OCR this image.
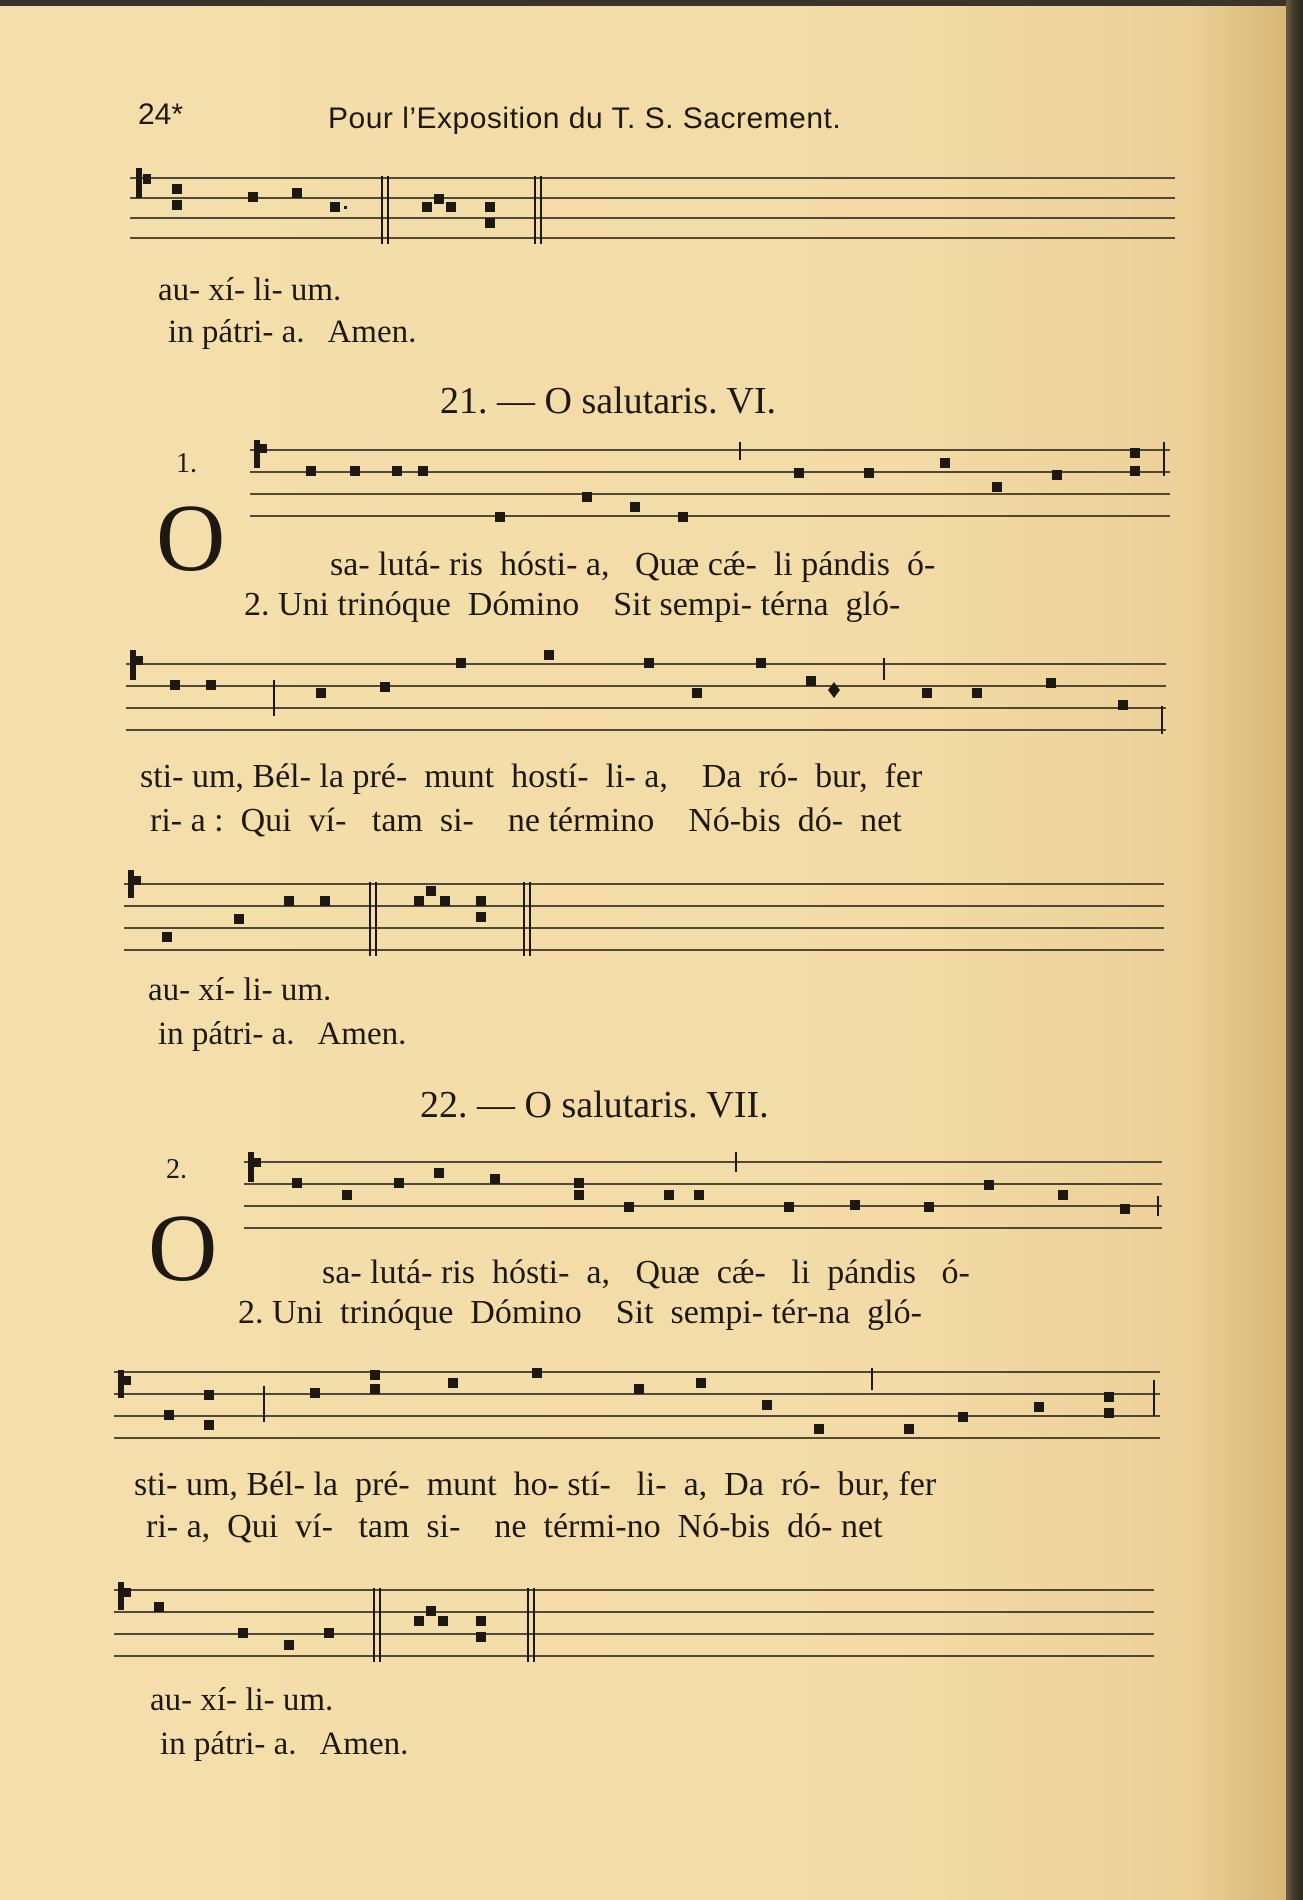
24*	Pour l’Exposition du T. S. Sacrement.
au- xí- li- um.
in pátri- a.   Amen.
21. — O salutaris. VI.
1.
O	sa- lutá- ris  hósti- a,   Quæ cǽ-  li pándis  ó-
2. Uni trinóque  Dómino    Sit sempi- térna  gló-
sti- um, Bél- la pré-  munt  hostí-  li- a,    Da  ró-  bur,  fer
ri- a :  Qui  ví-   tam  si-    ne término    Nó-bis  dó-  net
au- xí- li- um.
in pátri- a.   Amen.
22. — O salutaris. VII.
2.
O	sa- lutá- ris  hósti-  a,   Quæ  cǽ-   li  pándis   ó-
2. Uni  trinóque  Dómino    Sit  sempi- tér-na  gló-
sti- um, Bél- la  pré-  munt  ho- stí-   li-  a,  Da  ró-  bur, fer
ri- a,  Qui  ví-   tam  si-    ne  térmi-no  Nó-bis  dó- net
au- xí- li- um.
in pátri- a.   Amen.
